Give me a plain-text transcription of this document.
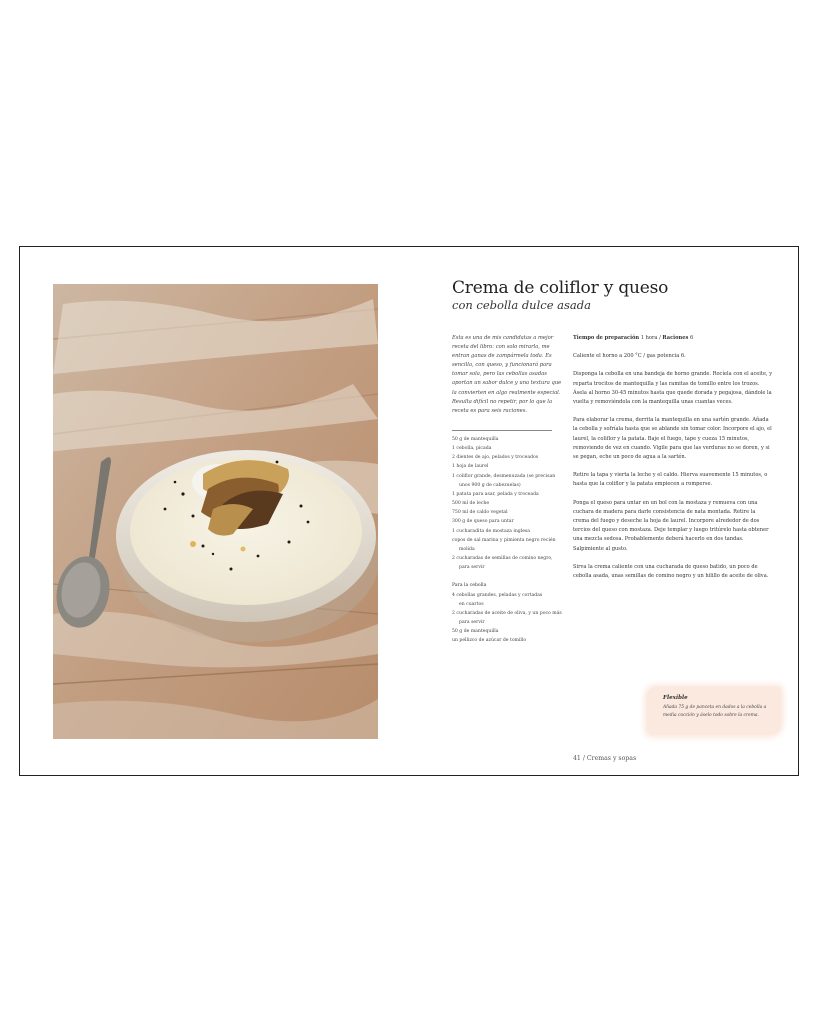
Crema de coliflor y queso
con cebolla dulce asada
Esta es una de mis candidatas a mejor receta del libro: con solo mirarla, me entran ganas de zampármela toda. Es sencilla, con queso, y funcionará para tomar sola, pero las cebollas asadas aportan un sabor dulce y una textura que la convierten en algo realmente especial. Resulta difícil no repetir, por lo que la receta es para seis raciones.
50 g de mantequilla
1 cebolla, picada
2 dientes de ajo, pelados y troceados
1 hoja de laurel
1 coliflor grande, desmenuzada (se precisan
unos 900 g de cabezuelas)
1 patata para asar, pelada y troceada
500 ml de leche
750 ml de caldo vegetal
300 g de queso para untar
1 cucharadita de mostaza inglesa
copos de sal marina y pimienta negro recién
molida
2 cucharadas de semillas de comino negro,
para servir
Para la cebolla
4 cebollas grandes, peladas y cortadas
en cuartos
2 cucharadas de aceite de oliva, y un poco más
para servir
50 g de mantequilla
un pellizco de azúcar de tomillo

Tiempo de preparación 1 hora / Raciones 6

Caliente el horno a 200 °C / gas potencia 6.

Disponga la cebolla en una bandeja de horno grande. Rocíela con el aceite, y reparta trocitos de mantequilla y las ramitas de tomillo entre los trozos. Ásela al horno 30-45 minutos hasta que quede dorada y pegajosa, dándole la vuelta y removiéndola con la mantequilla unas cuantas veces.

Para elaborar la crema, derrita la mantequilla en una sartén grande. Añada la cebolla y sofríala hasta que se ablande sin tomar color. Incorpore el ajo, el laurel, la coliflor y la patata. Baje el fuego, tape y cueza 15 minutos, removiendo de vez en cuando. Vigile para que las verduras no se doren, y si se pegan, eche un poco de agua a la sartén.

Retire la tapa y vierta la leche y el caldo. Hierva suavemente 15 minutos, o hasta que la coliflor y la patata empiecen a romperse.

Ponga el queso para untar en un bol con la mostaza y remueva con una cuchara de madera para darle consistencia de nata montada. Retire la crema del fuego y deseche la hoja de laurel. Incorpore alrededor de dos tercios del queso con mostaza. Deje templar y luego tritúrelo hasta obtener una mezcla sedosa. Probablemente deberá hacerlo en dos tandas. Salpimiente al gusto.

Sirva la crema caliente con una cucharada de queso batido, un poco de cebolla asada, unas semillas de comino negro y un hilillo de aceite de oliva.

Flexible
Añada 75 g de panceta en dados a la cebolla a media cocción y áselo todo sobre la crema.
41 / Cremas y sopas
